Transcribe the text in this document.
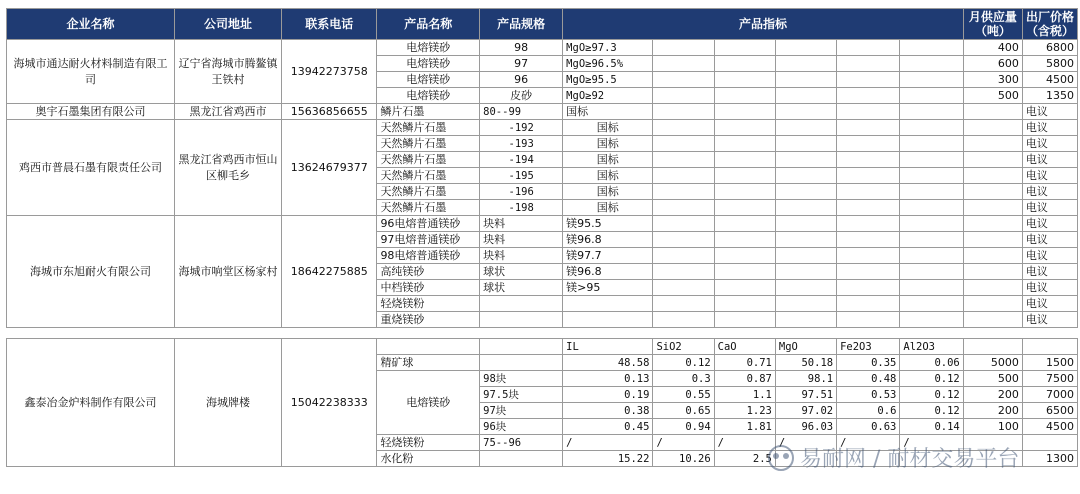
企业名称	公司地址	联系电话	产品名称	产品规格	产品指标						月供应量（吨）	出厂价格（含税）
海城市通达耐火材料制造有限工司	辽宁省海城市腾鳌镇王铁村	13942273758	电熔镁砂	98	MgO≥97.3						400	6800
			电熔镁砂	97	MgO≥96.5%						600	5800
			电熔镁砂	96	MgO≥95.5						300	4500
			电熔镁砂	皮砂	MgO≥92						500	1350
奥宇石墨集团有限公司	黑龙江省鸡西市	15636856655	鳞片石墨	80--99	国标							电议
鸡西市普晨石墨有限责任公司	黑龙江省鸡西市恒山区柳毛乡	13624679377	天然鳞片石墨	-192	国标							电议
			天然鳞片石墨	-193	国标							电议
			天然鳞片石墨	-194	国标							电议
			天然鳞片石墨	-195	国标							电议
			天然鳞片石墨	-196	国标							电议
			天然鳞片石墨	-198	国标							电议
海城市东旭耐火有限公司	海城市响堂区杨家村	18642275885	96电熔普通镁砂	块料	镁95.5							电议
			97电熔普通镁砂	块料	镁96.8							电议
			98电熔普通镁砂	块料	镁97.7							电议
			高纯镁砂	球状	镁96.8							电议
			中档镁砂	球状	镁>95							电议
			轻烧镁粉									电议
			重烧镁砂									电议

鑫泰冶金炉料制作有限公司	海城牌楼	15042238333			IL	SiO2	CaO	MgO	Fe2O3	Al2O3		
			精矿球		48.58	0.12	0.71	50.18	0.35	0.06	5000	1500
			电熔镁砂	98块	0.13	0.3	0.87	98.1	0.48	0.12	500	7500
				97.5块	0.19	0.55	1.1	97.51	0.53	0.12	200	7000
				97块	0.38	0.65	1.23	97.02	0.6	0.12	200	6500
				96块	0.45	0.94	1.81	96.03	0.63	0.14	100	4500
			轻烧镁粉	75--96	/	/	/	/	/	/		
			水化粉		15.22	10.26	2.5					1300
易耐网 / 耐材交易平台
